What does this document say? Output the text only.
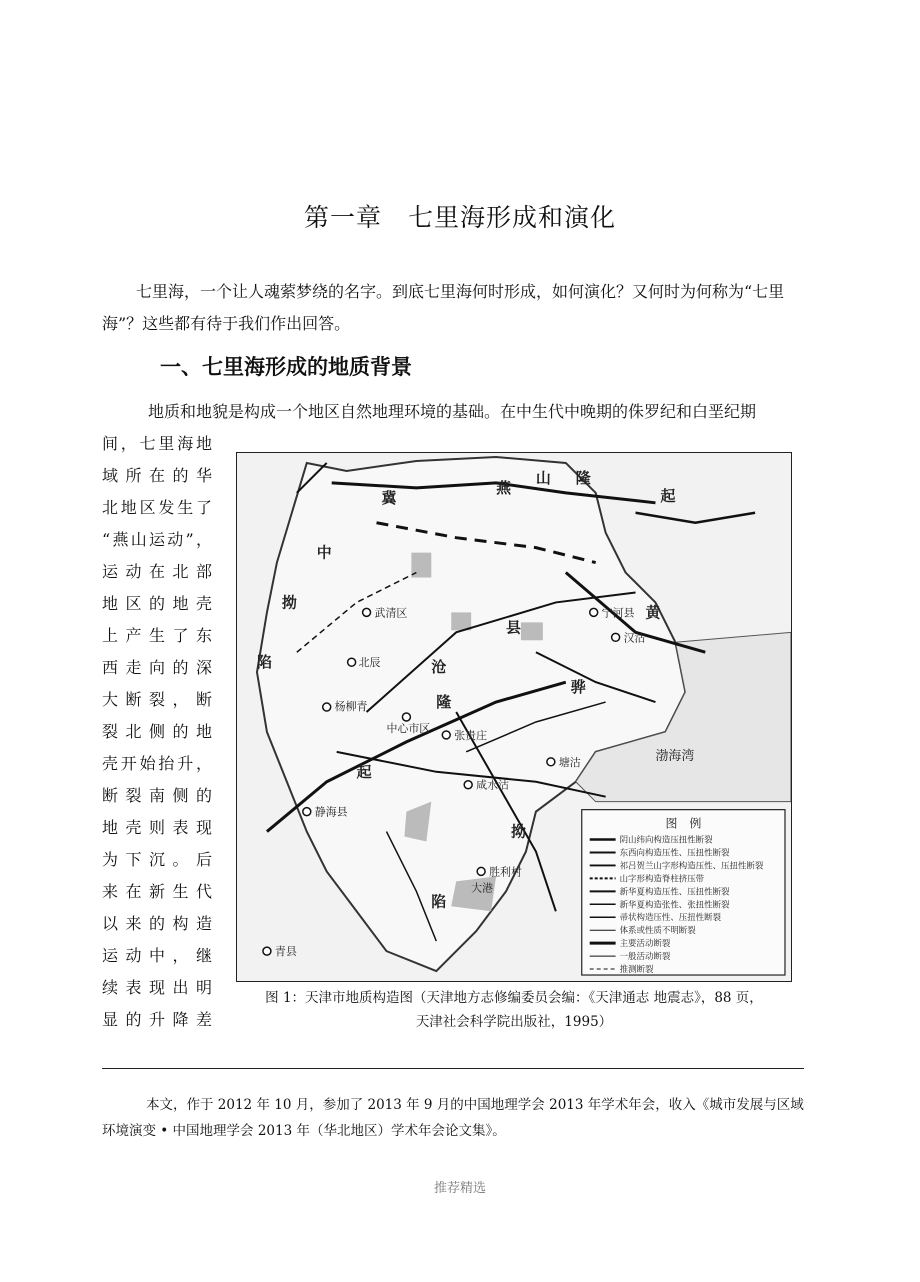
第一章　七里海形成和演化

七里海，一个让人魂萦梦绕的名字。到底七里海何时形成，如何演化？又何时为何称为“七里海”？这些都有待于我们作出回答。

一、七里海形成的地质背景

地质和地貌是构成一个地区自然地理环境的基础。在中生代中晚期的侏罗纪和白垩纪期

间，七里海地
域所在的华
北地区发生了
“燕山运动”，
运动在北部
地区的地壳
上产生了东
西走向的深
大断裂，断
裂北侧的地
壳开始抬升，
断裂南侧的
地壳则表现
为下沉。后
来在新生代
以来的构造
运动中，继
续表现出明
显的升降差
武清区
北辰
杨柳青
中心市区
张贵庄
静海县
青县
塘沽
咸水沽
胜利村
汉沽
宁河县
大港
渤海湾
冀
中
拗
陷	沧
县
隆
起
黄
骅
拗
陷
燕
山 隆
起
图　例
阴山纬向构造压扭性断裂
东西向构造压性、压扭性断裂
祁吕贺兰山字形构造压性、压扭性断裂
山字形构造脊柱挤压带
新华夏构造压性、压扭性断裂
新华夏构造张性、张扭性断裂
帚状构造压性、压扭性断裂
体系或性质不明断裂
主要活动断裂
一般活动断裂
推测断裂
图 1：天津市地质构造图（天津地方志修编委员会编：《天津通志 地震志》，88 页，
天津社会科学院出版社，1995）

本文，作于 2012 年 10 月，参加了 2013 年 9 月的中国地理学会 2013 年学术年会，收入《城市发展与区域环境演变 • 中国地理学会 2013 年（华北地区）学术年会论文集》。

推荐精选
